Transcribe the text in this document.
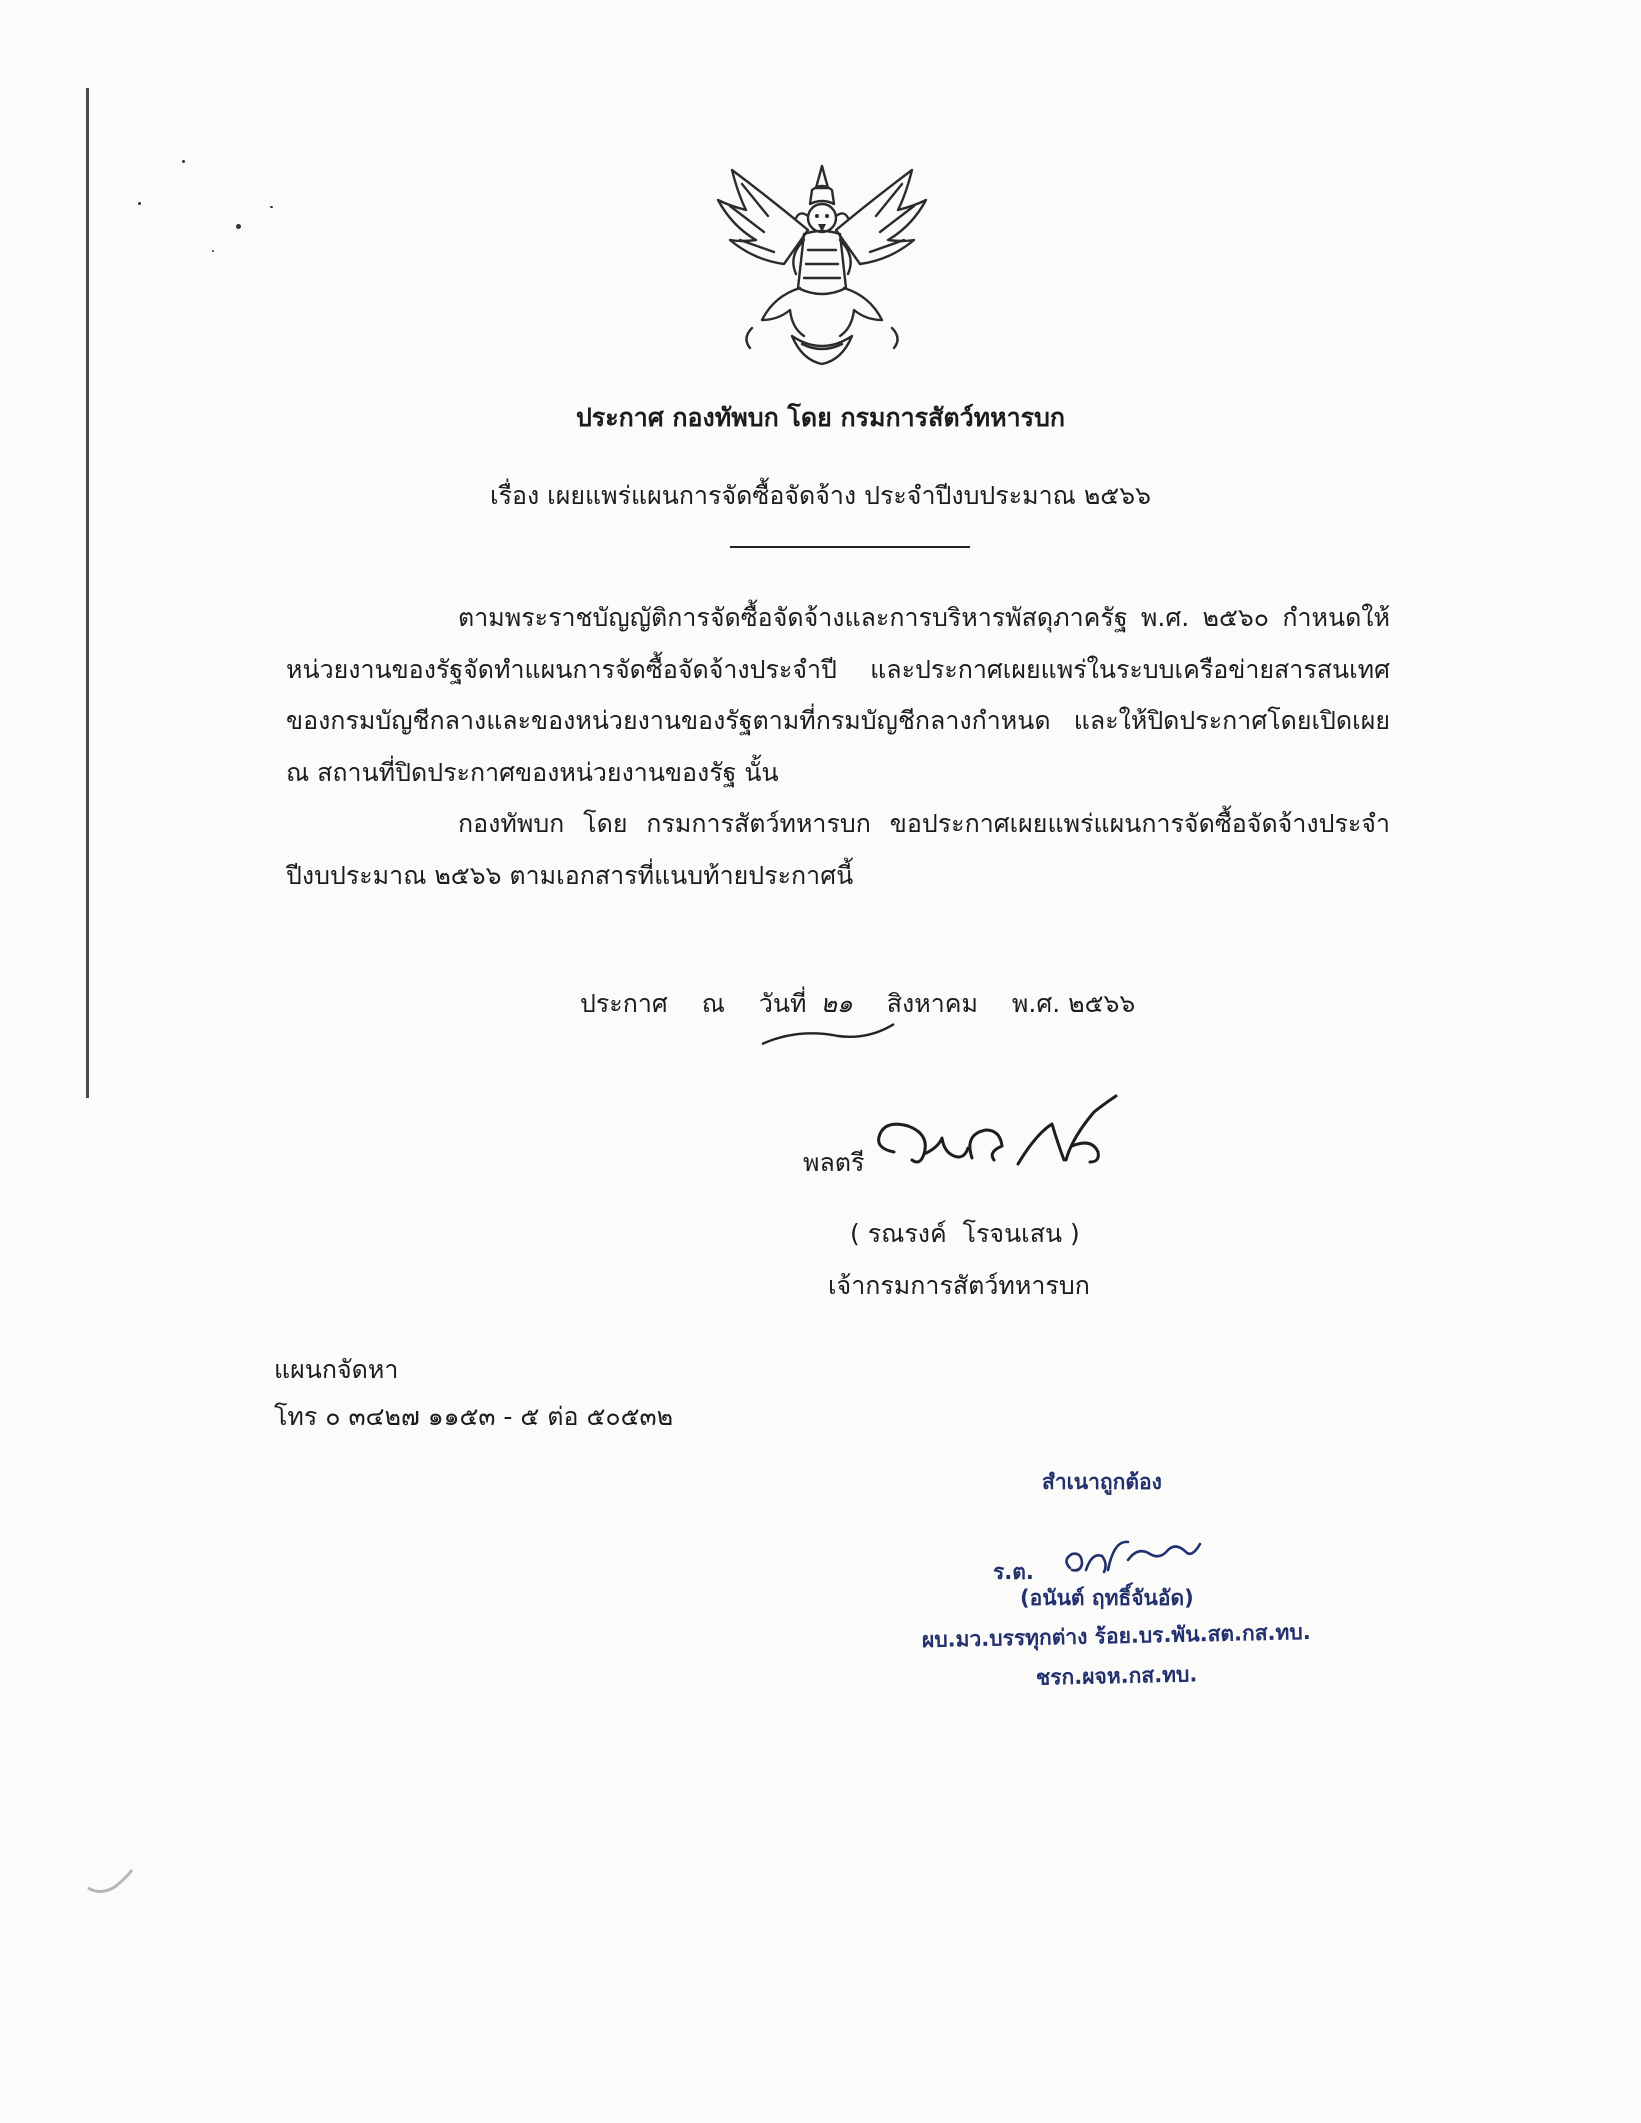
ประกาศ กองทัพบก โดย กรมการสัตว์ทหารบก
เรื่อง เผยแพร่แผนการจัดซื้อจัดจ้าง ประจำปีงบประมาณ ๒๕๖๖

ตามพระราชบัญญัติการจัดซื้อจัดจ้างและการบริหารพัสดุภาครัฐ พ.ศ. ๒๕๖๐ กำหนดให้หน่วยงานของรัฐจัดทำแผนการจัดซื้อจัดจ้างประจำปี และประกาศเผยแพร่ในระบบเครือข่ายสารสนเทศของกรมบัญชีกลางและของหน่วยงานของรัฐตามที่กรมบัญชีกลางกำหนด และให้ปิดประกาศโดยเปิดเผย ณ สถานที่ปิดประกาศของหน่วยงานของรัฐ นั้น

กองทัพบก โดย กรมการสัตว์ทหารบก ขอประกาศเผยแพร่แผนการจัดซื้อจัดจ้างประจำปีงบประมาณ ๒๕๖๖ ตามเอกสารที่แนบท้ายประกาศนี้

ประกาศ ณ วันที่ ๒๑ สิงหาคม พ.ศ. ๒๕๖๖
พลตรี
( รณรงค์  โรจนเสน )
เจ้ากรมการสัตว์ทหารบก
แผนกจัดหา
โทร ๐ ๓๔๒๗ ๑๑๕๓ - ๕ ต่อ ๕๐๕๓๒
สำเนาถูกต้อง
ร.ต.
(อนันต์ ฤทธิ์จันอัด)
ผบ.มว.บรรทุกต่าง ร้อย.บร.พัน.สต.กส.ทบ.
ชรก.ผจห.กส.ทบ.
